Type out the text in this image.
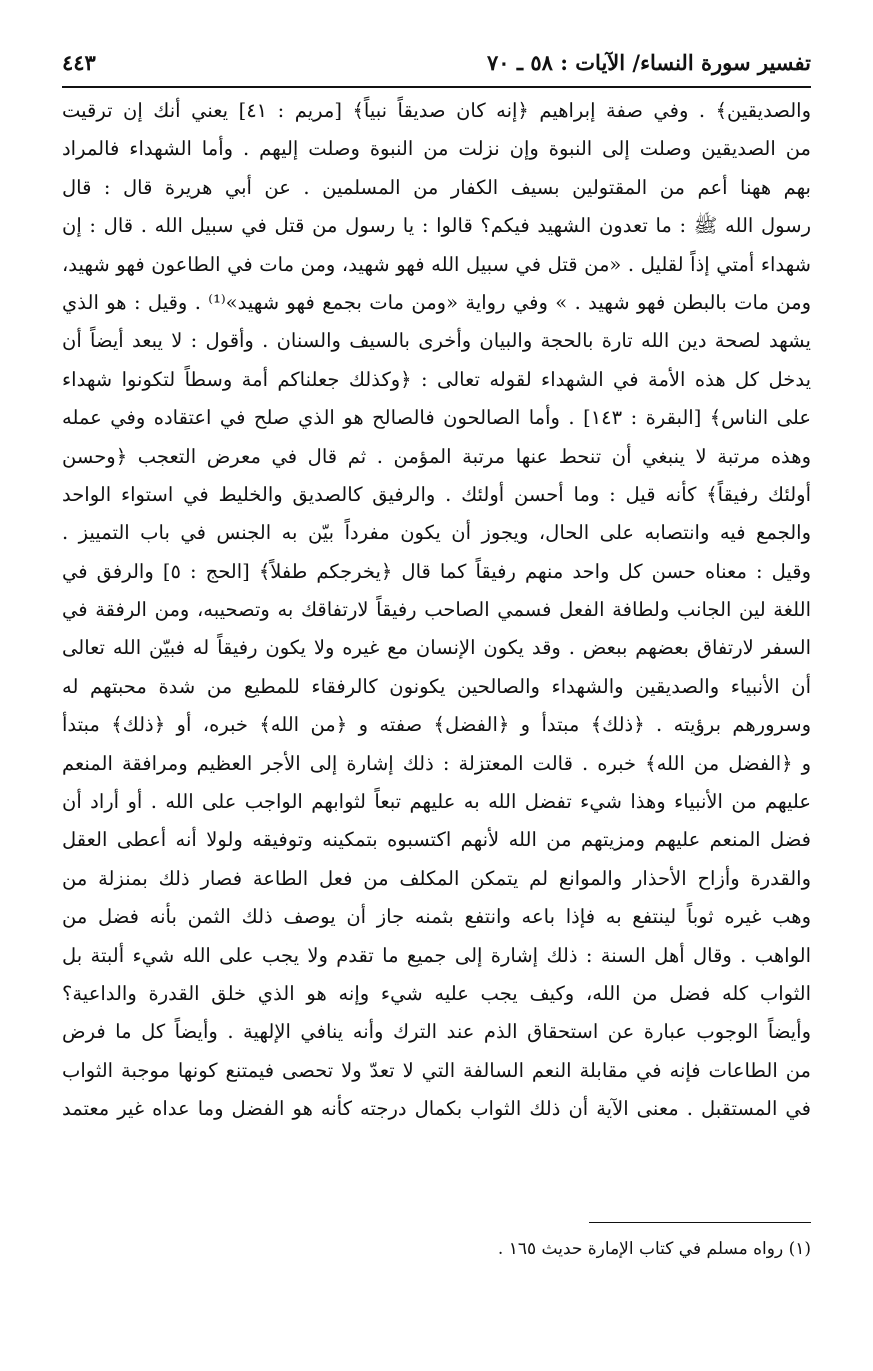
تفسير سورة النساء/ الآيات : ٥٨ ـ ٧٠
٤٤٣
والصديقين﴾ . وفي صفة إبراهيم ﴿إنه كان صديقاً نبياً﴾ [مريم : ٤١] يعني أنك إن ترقيت
من الصديقين وصلت إلى النبوة وإن نزلت من النبوة وصلت إليهم . وأما الشهداء فالمراد
بهم ههنا أعم من المقتولين بسيف الكفار من المسلمين . عن أبي هريرة قال : قال
رسول الله ﷺ : ما تعدون الشهيد فيكم؟ قالوا : يا رسول من قتل في سبيل الله . قال : إن
شهداء أمتي إذاً لقليل . «من قتل في سبيل الله فهو شهيد، ومن مات في الطاعون فهو شهيد،
ومن مات بالبطن فهو شهيد . » وفي رواية «ومن مات بجمع فهو شهيد»⁽¹⁾ . وقيل : هو الذي
يشهد لصحة دين الله تارة بالحجة والبيان وأخرى بالسيف والسنان . وأقول : لا يبعد أيضاً أن
يدخل كل هذه الأمة في الشهداء لقوله تعالى : ﴿وكذلك جعلناكم أمة وسطاً لتكونوا شهداء
على الناس﴾ [البقرة : ١٤٣] . وأما الصالحون فالصالح هو الذي صلح في اعتقاده وفي عمله
وهذه مرتبة لا ينبغي أن تنحط عنها مرتبة المؤمن . ثم قال في معرض التعجب ﴿وحسن
أولئك رفيقاً﴾ كأنه قيل : وما أحسن أولئك . والرفيق كالصديق والخليط في استواء الواحد
والجمع فيه وانتصابه على الحال، ويجوز أن يكون مفرداً بيّن به الجنس في باب التمييز .
وقيل : معناه حسن كل واحد منهم رفيقاً كما قال ﴿يخرجكم طفلاً﴾ [الحج : ٥] والرفق في
اللغة لين الجانب ولطافة الفعل فسمي الصاحب رفيقاً لارتفاقك به وتصحيبه، ومن الرفقة في
السفر لارتفاق بعضهم ببعض . وقد يكون الإنسان مع غيره ولا يكون رفيقاً له فبيّن الله تعالى
أن الأنبياء والصديقين والشهداء والصالحين يكونون كالرفقاء للمطيع من شدة محبتهم له
وسرورهم برؤيته . ﴿ذلك﴾ مبتدأ و ﴿الفضل﴾ صفته و ﴿من الله﴾ خبره، أو ﴿ذلك﴾ مبتدأ
و ﴿الفضل من الله﴾ خبره . قالت المعتزلة : ذلك إشارة إلى الأجر العظيم ومرافقة المنعم
عليهم من الأنبياء وهذا شيء تفضل الله به عليهم تبعاً لثوابهم الواجب على الله . أو أراد أن
فضل المنعم عليهم ومزيتهم من الله لأنهم اكتسبوه بتمكينه وتوفيقه ولولا أنه أعطى العقل
والقدرة وأزاح الأحذار والموانع لم يتمكن المكلف من فعل الطاعة فصار ذلك بمنزلة من
وهب غيره ثوباً لينتفع به فإذا باعه وانتفع بثمنه جاز أن يوصف ذلك الثمن بأنه فضل من
الواهب . وقال أهل السنة : ذلك إشارة إلى جميع ما تقدم ولا يجب على الله شيء ألبتة بل
الثواب كله فضل من الله، وكيف يجب عليه شيء وإنه هو الذي خلق القدرة والداعية؟
وأيضاً الوجوب عبارة عن استحقاق الذم عند الترك وأنه ينافي الإلهية . وأيضاً كل ما فرض
من الطاعات فإنه في مقابلة النعم السالفة التي لا تعدّ ولا تحصى فيمتنع كونها موجبة الثواب
في المستقبل . معنى الآية أن ذلك الثواب بكمال درجته كأنه هو الفضل وما عداه غير معتمد
(١) رواه مسلم في كتاب الإمارة حديث ١٦٥ .
